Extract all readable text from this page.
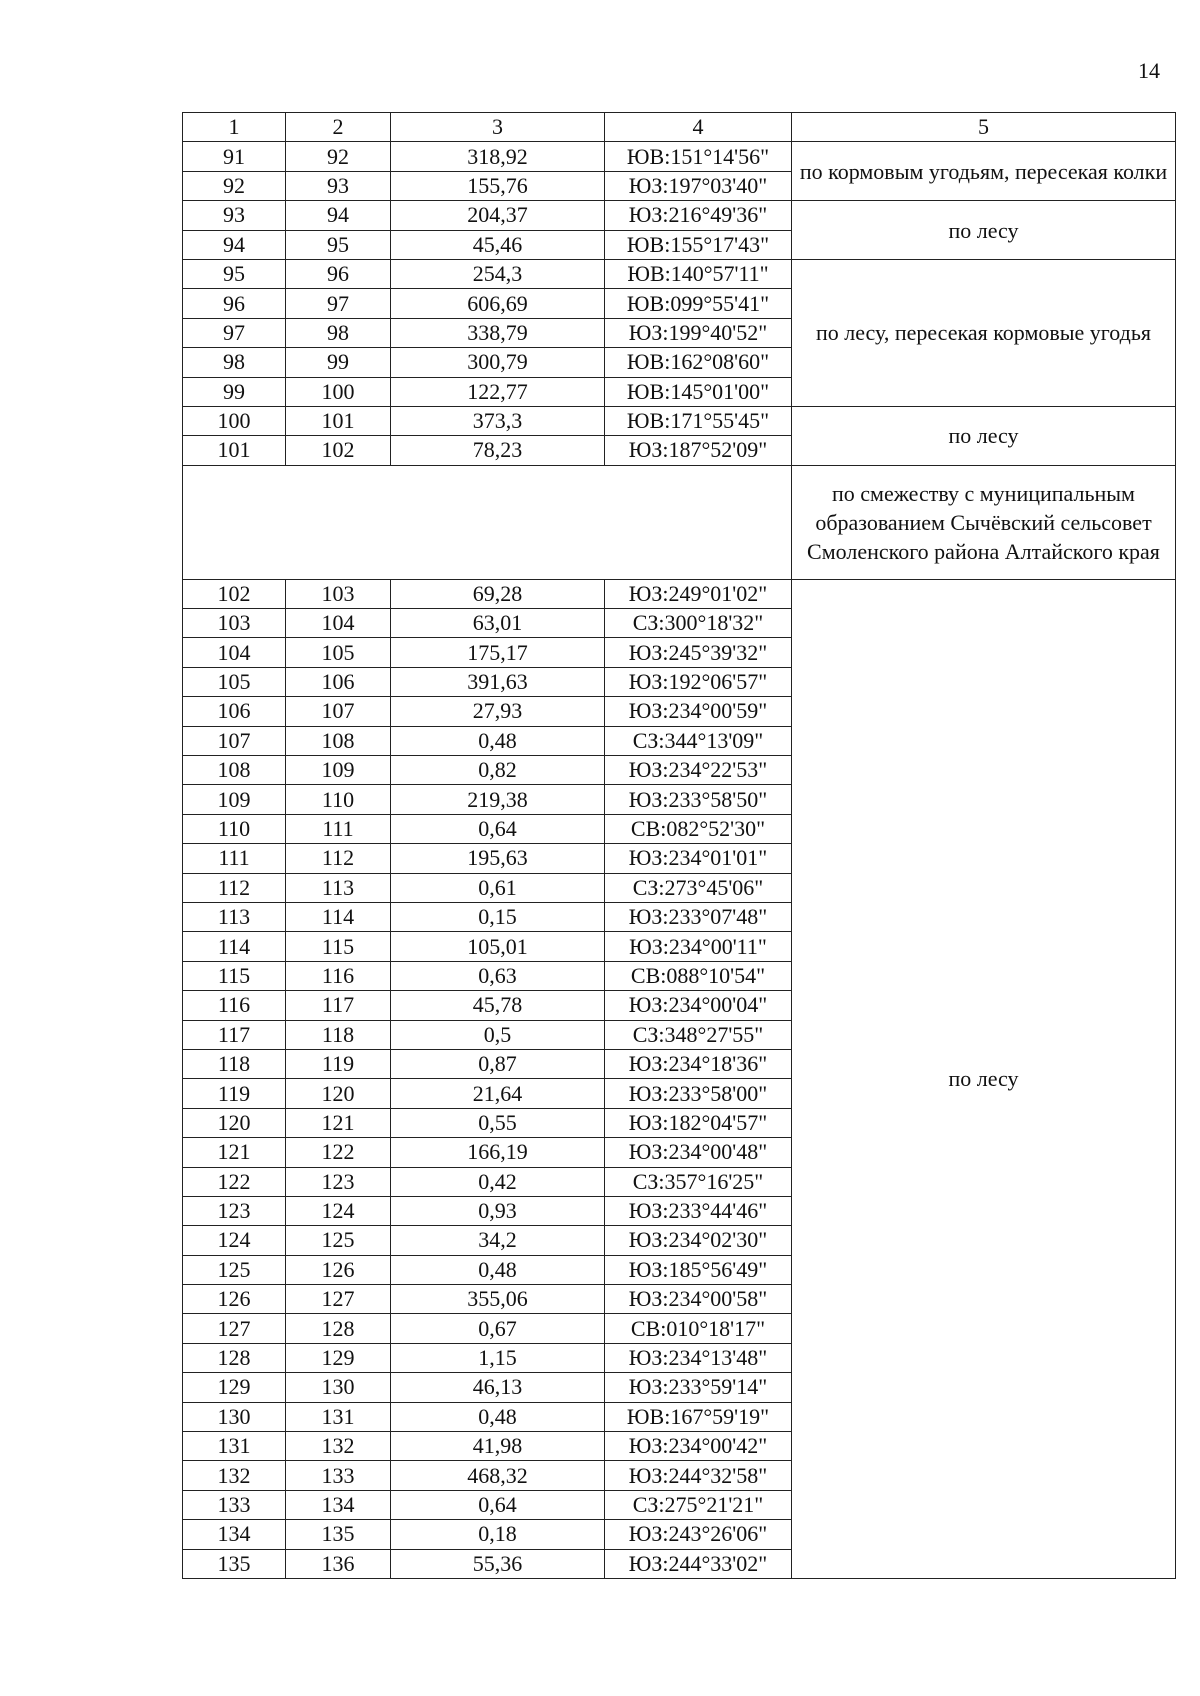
14
1	2	3	4	5
91	92	318,92	ЮВ:151°14'56"	по кормовым угодьям, пересекая колки
92	93	155,76	ЮЗ:197°03'40"	
93	94	204,37	ЮЗ:216°49'36"	по лесу
94	95	45,46	ЮВ:155°17'43"	
95	96	254,3	ЮВ:140°57'11"	по лесу, пересекая кормовые угодья
96	97	606,69	ЮВ:099°55'41"	
97	98	338,79	ЮЗ:199°40'52"	
98	99	300,79	ЮВ:162°08'60"	
99	100	122,77	ЮВ:145°01'00"	
100	101	373,3	ЮВ:171°55'45"	по лесу
101	102	78,23	ЮЗ:187°52'09"	
				по смежеству с муниципальным образованием Сычёвский сельсовет Смоленского района Алтайского края
102	103	69,28	ЮЗ:249°01'02"	по лесу
103	104	63,01	СЗ:300°18'32"	
104	105	175,17	ЮЗ:245°39'32"	
105	106	391,63	ЮЗ:192°06'57"	
106	107	27,93	ЮЗ:234°00'59"	
107	108	0,48	СЗ:344°13'09"	
108	109	0,82	ЮЗ:234°22'53"	
109	110	219,38	ЮЗ:233°58'50"	
110	111	0,64	СВ:082°52'30"	
111	112	195,63	ЮЗ:234°01'01"	
112	113	0,61	СЗ:273°45'06"	
113	114	0,15	ЮЗ:233°07'48"	
114	115	105,01	ЮЗ:234°00'11"	
115	116	0,63	СВ:088°10'54"	
116	117	45,78	ЮЗ:234°00'04"	
117	118	0,5	СЗ:348°27'55"	
118	119	0,87	ЮЗ:234°18'36"	
119	120	21,64	ЮЗ:233°58'00"	
120	121	0,55	ЮЗ:182°04'57"	
121	122	166,19	ЮЗ:234°00'48"	
122	123	0,42	СЗ:357°16'25"	
123	124	0,93	ЮЗ:233°44'46"	
124	125	34,2	ЮЗ:234°02'30"	
125	126	0,48	ЮЗ:185°56'49"	
126	127	355,06	ЮЗ:234°00'58"	
127	128	0,67	СВ:010°18'17"	
128	129	1,15	ЮЗ:234°13'48"	
129	130	46,13	ЮЗ:233°59'14"	
130	131	0,48	ЮВ:167°59'19"	
131	132	41,98	ЮЗ:234°00'42"	
132	133	468,32	ЮЗ:244°32'58"	
133	134	0,64	СЗ:275°21'21"	
134	135	0,18	ЮЗ:243°26'06"	
135	136	55,36	ЮЗ:244°33'02"	
